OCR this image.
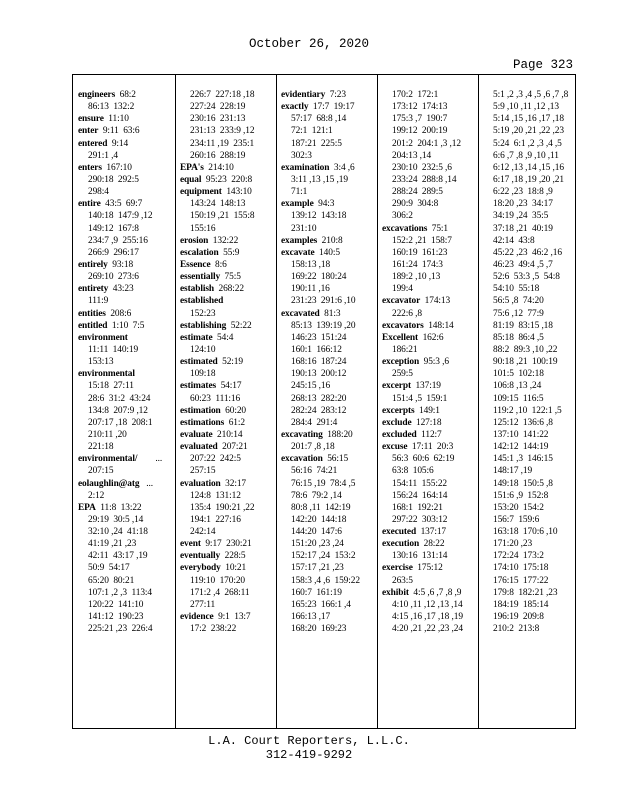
October 26, 2020
Page 323
engineers  68:2
86:13  132:2
ensure  11:10
enter  9:11  63:6
entered  9:14
291:1 ,4
enters  167:10
290:18  292:5
298:4
entire  43:5  69:7
140:18  147:9 ,12
149:12  167:8
234:7 ,9  255:16
266:9  296:17
entirely  93:18
269:10  273:6
entirety  43:23
111:9
entities  208:6
entitled  1:10  7:5
environment
11:11  140:19
153:13
environmental
15:18  27:11
28:6  31:2  43:24
134:8  207:9 ,12
207:17 ,18  208:1
210:11 ,20
221:18
environmental/        ...
207:15
eolaughlin@atg   ...
2:12
EPA  11:8  13:22
29:19  30:5 ,14
32:10 ,24  41:18
41:19 ,21 ,23
42:11  43:17 ,19
50:9  54:17
65:20  80:21
107:1 ,2 ,3  113:4
120:22  141:10
141:12  190:23
225:21 ,23  226:4
226:7  227:18 ,18
227:24  228:19
230:16  231:13
231:13  233:9 ,12
234:11 ,19  235:1
260:16  288:19
EPA's  214:10
equal  95:23  220:8
equipment  143:10
143:24  148:13
150:19 ,21  155:8
155:16
erosion  132:22
escalation  55:9
Essence  8:6
essentially  75:5
establish  268:22
established
152:23
establishing  52:22
estimate  54:4
124:10
estimated  52:19
109:18
estimates  54:17
60:23  111:16
estimation  60:20
estimations  61:2
evaluate  210:14
evaluated  207:21
207:22  242:5
257:15
evaluation  32:17
124:8  131:12
135:4  190:21 ,22
194:1  227:16
242:14
event  9:17  230:21
eventually  228:5
everybody  10:21
119:10  170:20
171:2 ,4  268:11
277:11
evidence  9:1  13:7
17:2  238:22
evidentiary  7:23
exactly  17:7  19:17
57:17  68:8 ,14
72:1  121:1
187:21  225:5
302:3
examination  3:4 ,6
3:11 ,13 ,15 ,19
71:1
example  94:3
139:12  143:18
231:10
examples  210:8
excavate  140:5
158:13 ,18
169:22  180:24
190:11 ,16
231:23  291:6 ,10
excavated  81:3
85:13  139:19 ,20
146:23  151:24
160:1  166:12
168:16  187:24
190:13  200:12
245:15 ,16
268:13  282:20
282:24  283:12
284:4  291:4
excavating  188:20
201:7 ,8 ,18
excavation  56:15
56:16  74:21
76:15 ,19  78:4 ,5
78:6  79:2 ,14
80:8 ,11  142:19
142:20  144:18
144:20  147:6
151:20 ,23 ,24
152:17 ,24  153:2
157:17 ,21 ,23
158:3 ,4 ,6  159:22
160:7  161:19
165:23  166:1 ,4
166:13 ,17
168:20  169:23
170:2  172:1
173:12  174:13
175:3 ,7  190:7
199:12  200:19
201:2  204:1 ,3 ,12
204:13 ,14
230:10  232:5 ,6
233:24  288:8 ,14
288:24  289:5
290:9  304:8
306:2
excavations  75:1
152:2 ,21  158:7
160:19  161:23
161:24  174:3
189:2 ,10 ,13
199:4
excavator  174:13
222:6 ,8
excavators  148:14
Excellent  162:6
186:21
exception  95:3 ,6
259:5
excerpt  137:19
151:4 ,5  159:1
excerpts  149:1
exclude  127:18
excluded  112:7
excuse  17:11  20:3
56:3  60:6  62:19
63:8  105:6
154:11  155:22
156:24  164:14
168:1  192:21
297:22  303:12
executed  137:17
execution  28:22
130:16  131:14
exercise  175:12
263:5
exhibit  4:5 ,6 ,7 ,8 ,9
4:10 ,11 ,12 ,13 ,14
4:15 ,16 ,17 ,18 ,19
4:20 ,21 ,22 ,23 ,24
5:1 ,2 ,3 ,4 ,5 ,6 ,7 ,8
5:9 ,10 ,11 ,12 ,13
5:14 ,15 ,16 ,17 ,18
5:19 ,20 ,21 ,22 ,23
5:24  6:1 ,2 ,3 ,4 ,5
6:6 ,7 ,8 ,9 ,10 ,11
6:12 ,13 ,14 ,15 ,16
6:17 ,18 ,19 ,20 ,21
6:22 ,23  18:8 ,9
18:20 ,23  34:17
34:19 ,24  35:5
37:18 ,21  40:19
42:14  43:8
45:22 ,23  46:2 ,16
46:23  49:4 ,5 ,7
52:6  53:3 ,5  54:8
54:10  55:18
56:5 ,8  74:20
75:6 ,12  77:9
81:19  83:15 ,18
85:18  86:4 ,5
88:2  89:3 ,10 ,22
90:18 ,21  100:19
101:5  102:18
106:8 ,13 ,24
109:15  116:5
119:2 ,10  122:1 ,5
125:12  136:6 ,8
137:10  141:22
142:12  144:19
145:1 ,3  146:15
148:17 ,19
149:18  150:5 ,8
151:6 ,9  152:8
153:20  154:2
156:7  159:6
163:18  170:6 ,10
171:20 ,23
172:24  173:2
174:10  175:18
176:15  177:22
179:8  182:21 ,23
184:19  185:14
196:19  209:8
210:2  213:8
L.A. Court Reporters, L.L.C.
312-419-9292
